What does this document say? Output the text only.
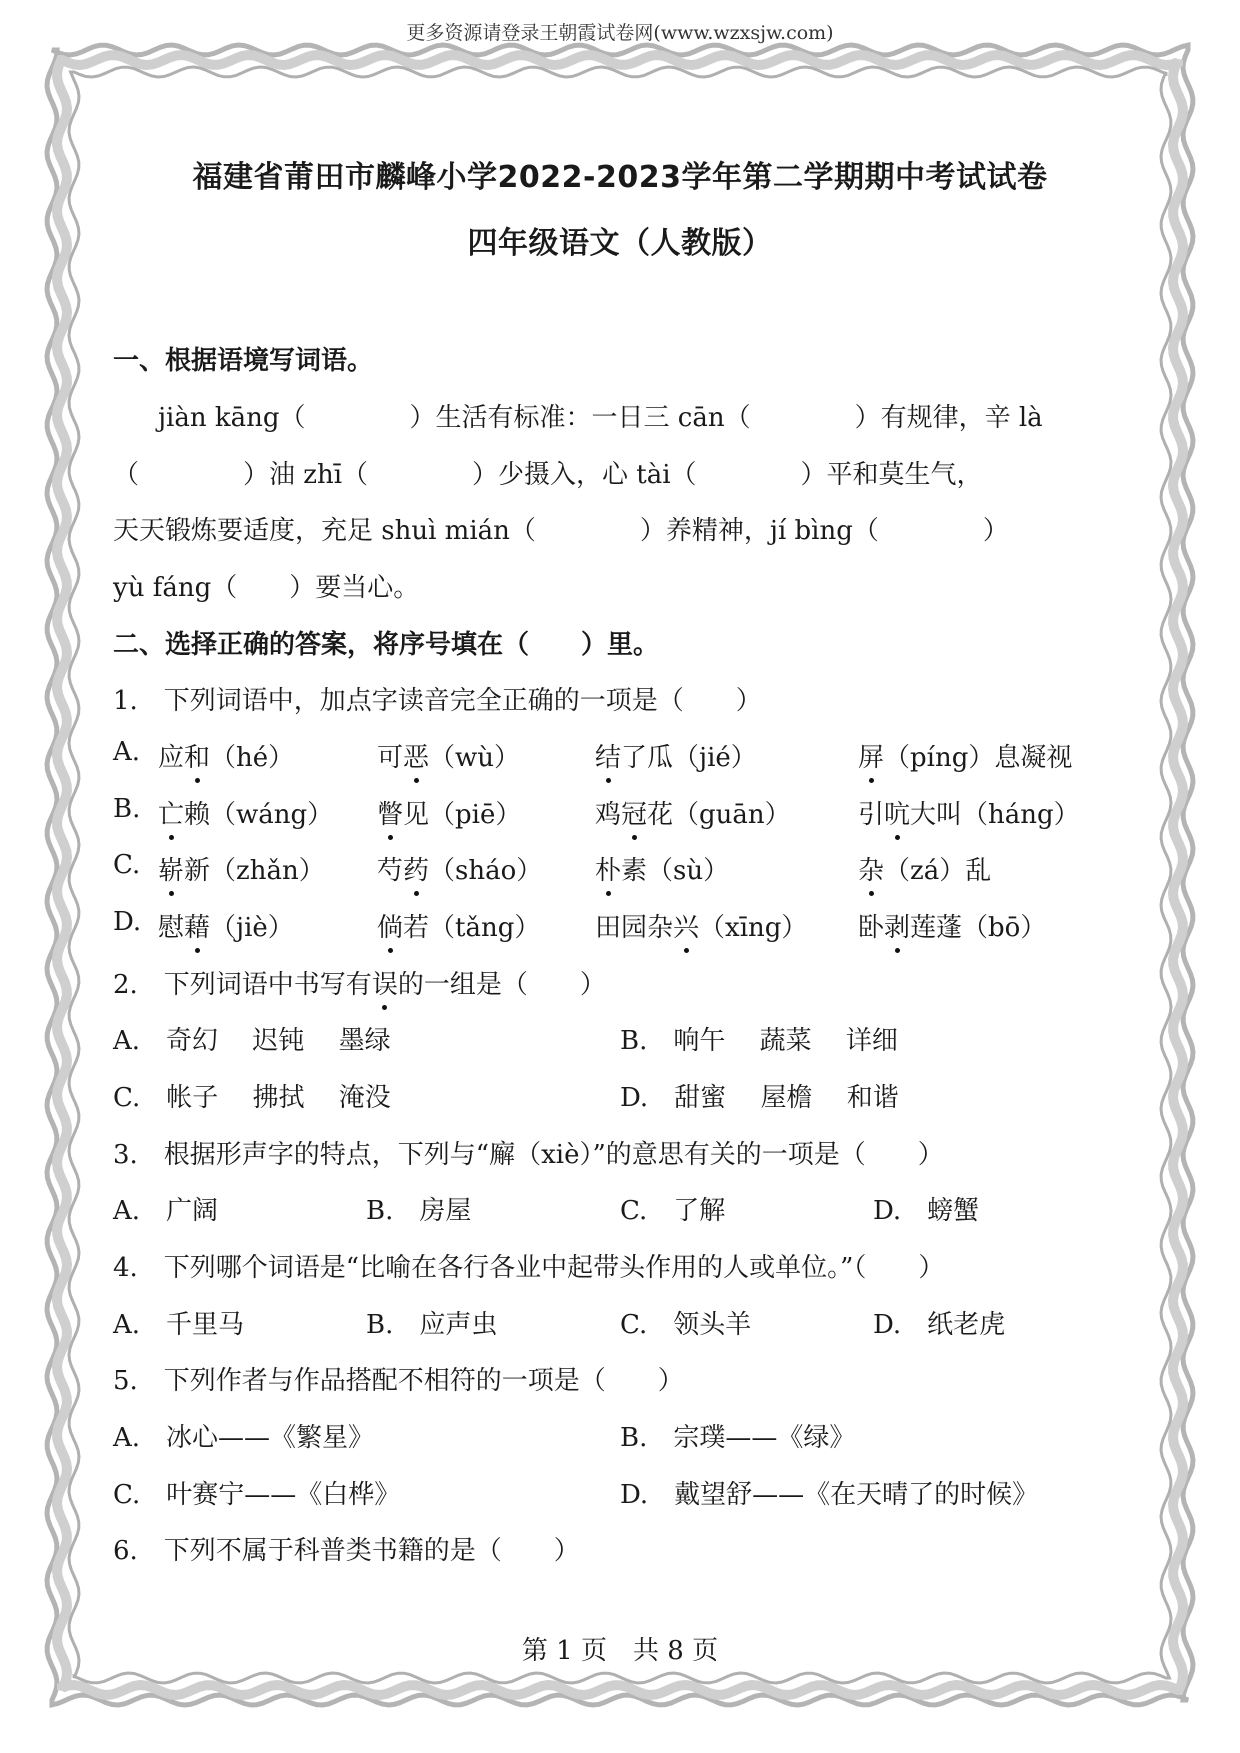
更多资源请登录王朝霞试卷网(www.wzxsjw.com)
福建省莆田市麟峰小学2022-2023学年第二学期期中考试试卷
四年级语文（人教版）
一、根据语境写词语。
jiàn kāng（　　　　）生活有标准：一日三 cān（　　　　）有规律，辛 là
（　　　　）油 zhī（　　　　）少摄入，心 tài（　　　　）平和莫生气，
天天锻炼要适度，充足 shuì mián（　　　　）养精神，jí bìng（　　　　）
yù fáng（　　）要当心。
二、选择正确的答案，将序号填在（　　）里。
1.　下列词语中，加点字读音完全正确的一项是（　　）
A. 应和（hé）	可恶（wù）	结了瓜（jié）	屏（píng）息凝视
B. 亡赖（wáng） 瞥见（piē）	鸡冠花（guān）	引吭大叫（háng）
C. 崭新（zhǎn） 芍药（sháo） 朴素（sù）	杂（zá）乱
D. 慰藉（jiè）	倘若（tǎng） 田园杂兴（xīng） 卧剥莲蓬（bō）
2.　下列词语中书写有误的一组是（　　）
A.　奇幻　 迟钝　 墨绿	B.　响午　 蔬菜　 详细
C.　帐子　 拂拭　 淹没	D.　甜蜜　 屋檐　 和谐
3.　根据形声字的特点，下列与“廨（xiè）”的意思有关的一项是（　　）
A.　广阔	B.　房屋	C.　了解	D.　螃蟹
4.　下列哪个词语是“比喻在各行各业中起带头作用的人或单位。”（　　）
A.　千里马	B.　应声虫	C.　领头羊	D.　纸老虎
5.　下列作者与作品搭配不相符的一项是（　　）
A.　冰心——《繁星》	B.　宗璞——《绿》
C.　叶赛宁——《白桦》	D.　戴望舒——《在天晴了的时候》
6.　下列不属于科普类书籍的是（　　）
第 1 页　共 8 页
